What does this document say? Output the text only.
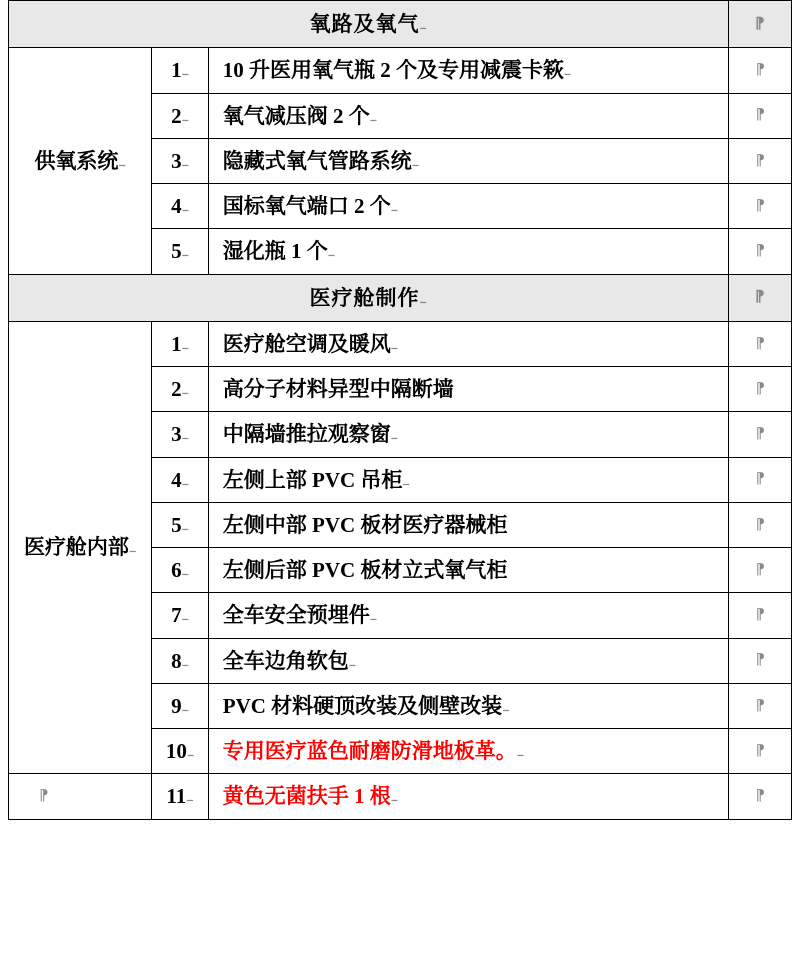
氧路及氧气₋			⁋

供氧系统₋	1₋	10 升医用氧气瓶 2 个及专用减震卡篍₋	⁋

	2₋	氧气减压阀 2 个₋	⁋

	3₋	隐藏式氧气管路系统₋	⁋

	4₋	国标氧气端口 2 个₋	⁋

	5₋	湿化瓶 1 个₋	⁋

医疗舱制作₋			⁋

医疗舱内部₋	1₋	医疗舱空调及暖风₋	⁋

	2₋	高分子材料异型中隔断墙	⁋

	3₋	中隔墙推拉观察窗₋	⁋

	4₋	左侧上部 PVC 吊柜₋	⁋

	5₋	左侧中部 PVC 板材医疗器械柜	⁋

	6₋	左侧后部 PVC 板材立式氧气柜	⁋

	7₋	全车安全预埋件₋	⁋

	8₋	全车边角软包₋	⁋

	9₋	PVC 材料硬顶改装及侧壁改装₋	⁋

	10₋	专用医疗蓝色耐磨防滑地板革。₋	⁋

⁋	11₋	黄色无菌扶手 1 根₋	⁋
